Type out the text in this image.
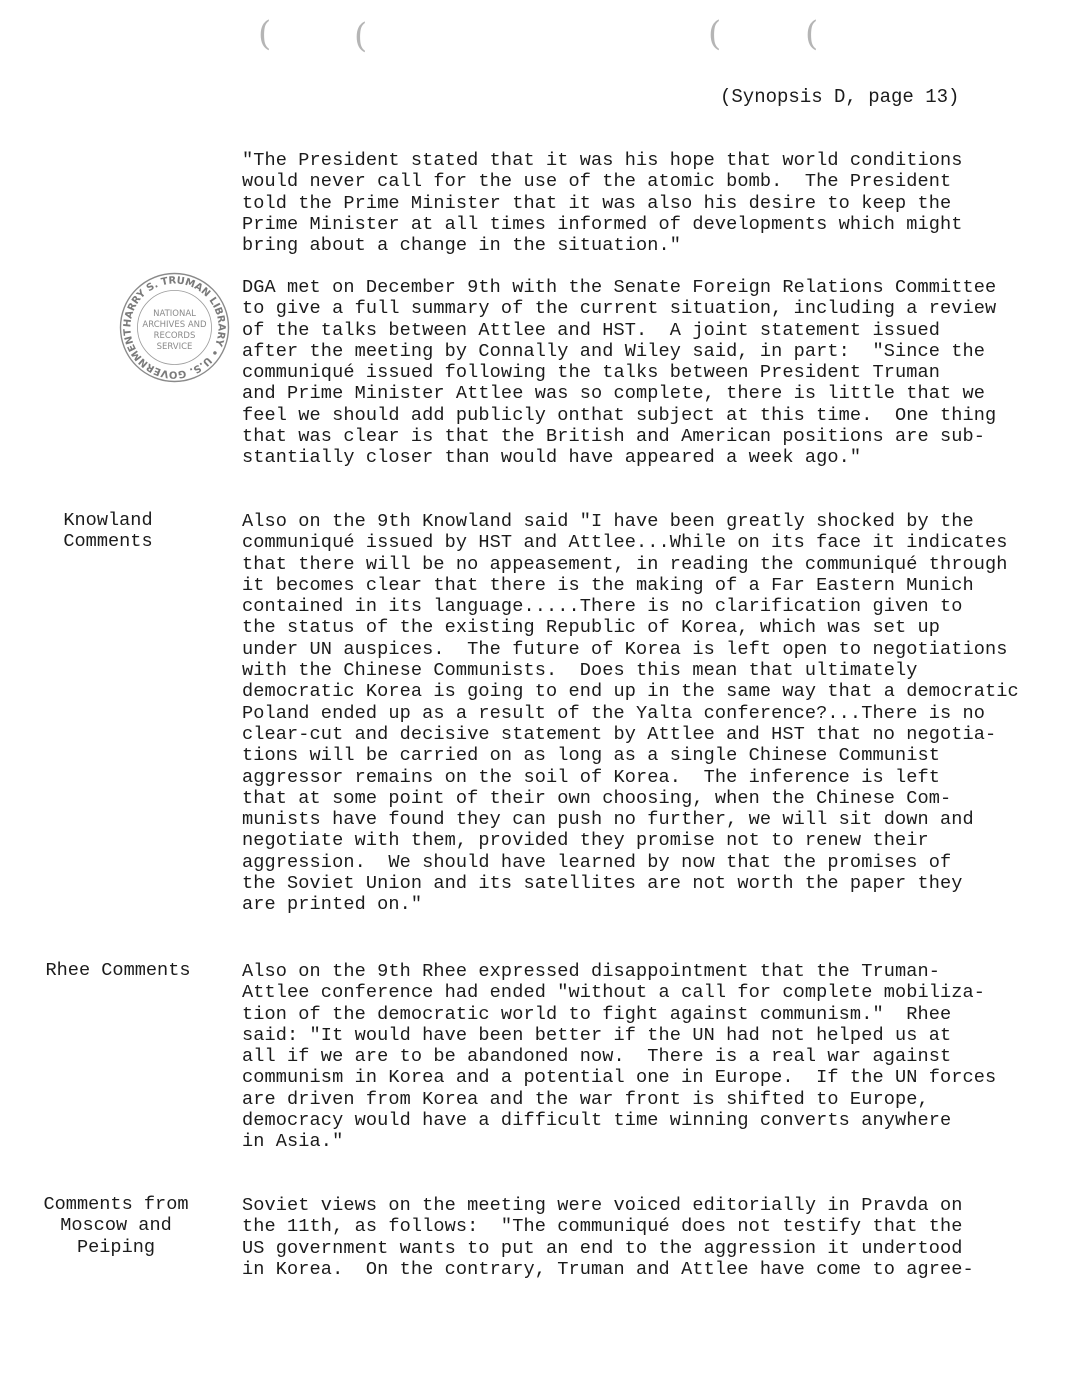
( (	( (
(Synopsis D, page 13)
HARRY S. TRUMAN LIBRARY • U.S. GOVERNMENT
NATIONAL
ARCHIVES AND
RECORDS
SERVICE
"The President stated that it was his hope that world conditions
would never call for the use of the atomic bomb.  The President
told the Prime Minister that it was also his desire to keep the
Prime Minister at all times informed of developments which might
bring about a change in the situation."
DGA met on December 9th with the Senate Foreign Relations Committee
to give a full summary of the current situation, including a review
of the talks between Attlee and HST.  A joint statement issued
after the meeting by Connally and Wiley said, in part:  "Since the
communiqué issued following the talks between President Truman
and Prime Minister Attlee was so complete, there is little that we
feel we should add publicly onthat subject at this time.  One thing
that was clear is that the British and American positions are sub-
stantially closer than would have appeared a week ago."
Knowland
Comments
Also on the 9th Knowland said "I have been greatly shocked by the
communiqué issued by HST and Attlee...While on its face it indicates
that there will be no appeasement, in reading the communiqué through
it becomes clear that there is the making of a Far Eastern Munich
contained in its language.....There is no clarification given to
the status of the existing Republic of Korea, which was set up
under UN auspices.  The future of Korea is left open to negotiations
with the Chinese Communists.  Does this mean that ultimately
democratic Korea is going to end up in the same way that a democratic
Poland ended up as a result of the Yalta conference?...There is no
clear-cut and decisive statement by Attlee and HST that no negotia-
tions will be carried on as long as a single Chinese Communist
aggressor remains on the soil of Korea.  The inference is left
that at some point of their own choosing, when the Chinese Com-
munists have found they can push no further, we will sit down and
negotiate with them, provided they promise not to renew their
aggression.  We should have learned by now that the promises of
the Soviet Union and its satellites are not worth the paper they
are printed on."
Rhee Comments	Also on the 9th Rhee expressed disappointment that the Truman-
Attlee conference had ended "without a call for complete mobiliza-
tion of the democratic world to fight against communism."  Rhee
said: "It would have been better if the UN had not helped us at
all if we are to be abandoned now.  There is a real war against
communism in Korea and a potential one in Europe.  If the UN forces
are driven from Korea and the war front is shifted to Europe,
democracy would have a difficult time winning converts anywhere
in Asia."
Comments from
Moscow and
Peiping
Soviet views on the meeting were voiced editorially in Pravda on
the 11th, as follows:  "The communiqué does not testify that the
US government wants to put an end to the aggression it undertood
in Korea.  On the contrary, Truman and Attlee have come to agree-
